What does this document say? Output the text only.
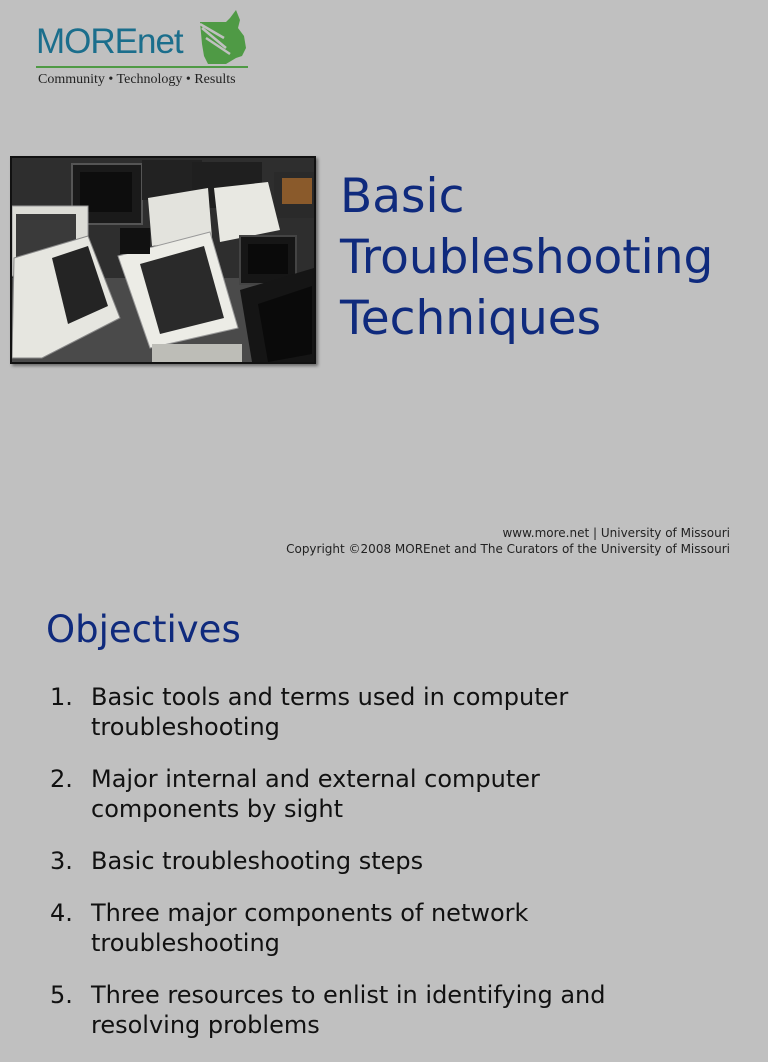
MOREnet
Community • Technology • Results
Basic
Troubleshooting
Techniques
www.more.net | University of Missouri
Copyright ©2008 MOREnet and The Curators of the University of Missouri
Objectives
1. Basic tools and terms used in computer troubleshooting
2. Major internal and external computer components by sight
3. Basic troubleshooting steps
4. Three major components of network troubleshooting
5. Three resources to enlist in identifying and resolving problems
